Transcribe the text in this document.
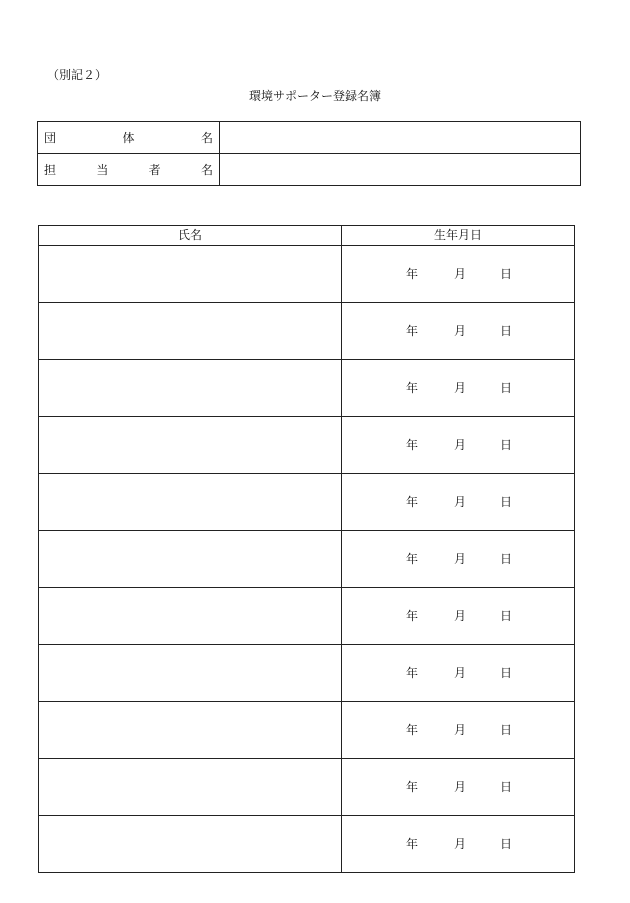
（別記２）
環境サポーター登録名簿
団 体 名	

担 当 者 名	

氏名	生年月日

	年 月 日

	年 月 日

	年 月 日

	年 月 日

	年 月 日

	年 月 日

	年 月 日

	年 月 日

	年 月 日

	年 月 日

	年 月 日
